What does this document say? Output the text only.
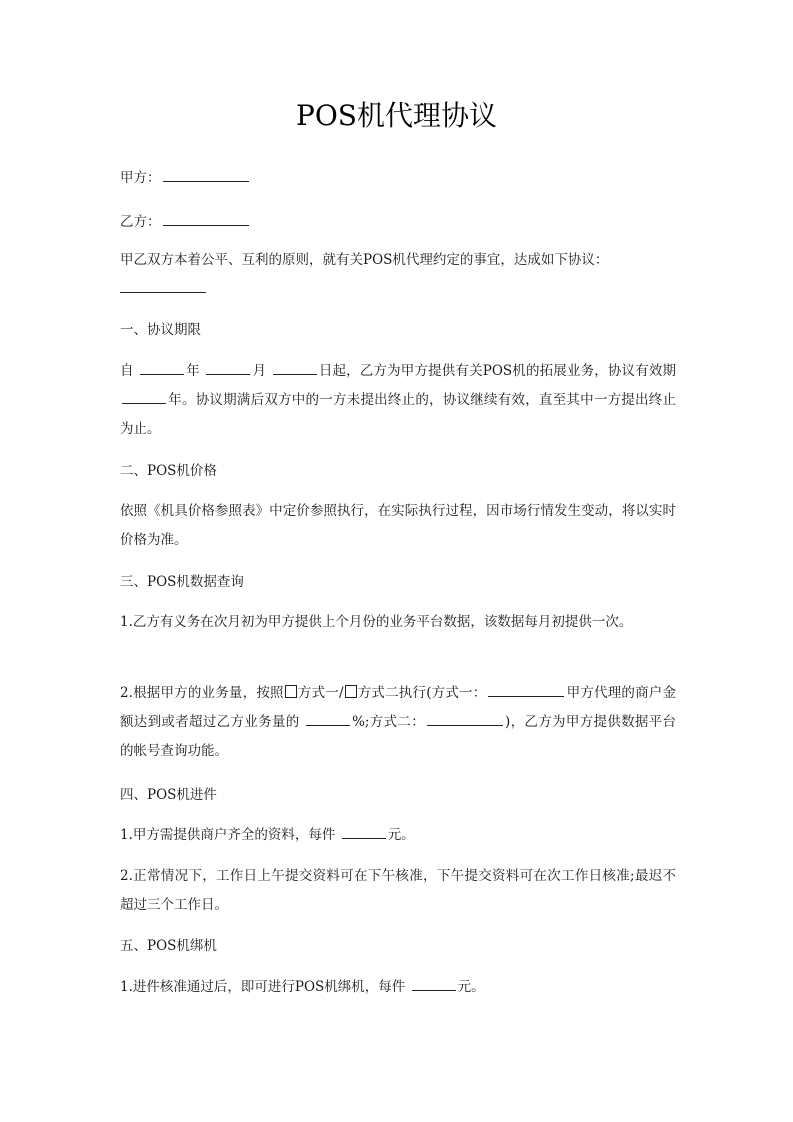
POS机代理协议
甲方：
乙方：
甲乙双方本着公平、互利的原则，就有关POS机代理约定的事宜，达成如下协议：

一、协议期限
自	年	月	日起，乙方为甲方提供有关POS机的拓展业务，协议有效期 年。协议期满后双方中的一方未提出终止的，协议继续有效，直至其中一方提出终止为止。
二、POS机价格
依照《机具价格参照表》中定价参照执行，在实际执行过程，因市场行情发生变动，将以实时价格为准。
三、POS机数据查询
1.乙方有义务在次月初为甲方提供上个月份的业务平台数据，该数据每月初提供一次。
2.根据甲方的业务量，按照 方式一/ 方式二执行(方式一：	甲方代理的商户金额达到或者超过乙方业务量的	%;方式二：	)，乙方为甲方提供数据平台的帐号查询功能。
四、POS机进件
1.甲方需提供商户齐全的资料，每件	元。
2.正常情况下，工作日上午提交资料可在下午核准，下午提交资料可在次工作日核准;最迟不超过三个工作日。
五、POS机绑机
1.进件核准通过后，即可进行POS机绑机，每件	元。
